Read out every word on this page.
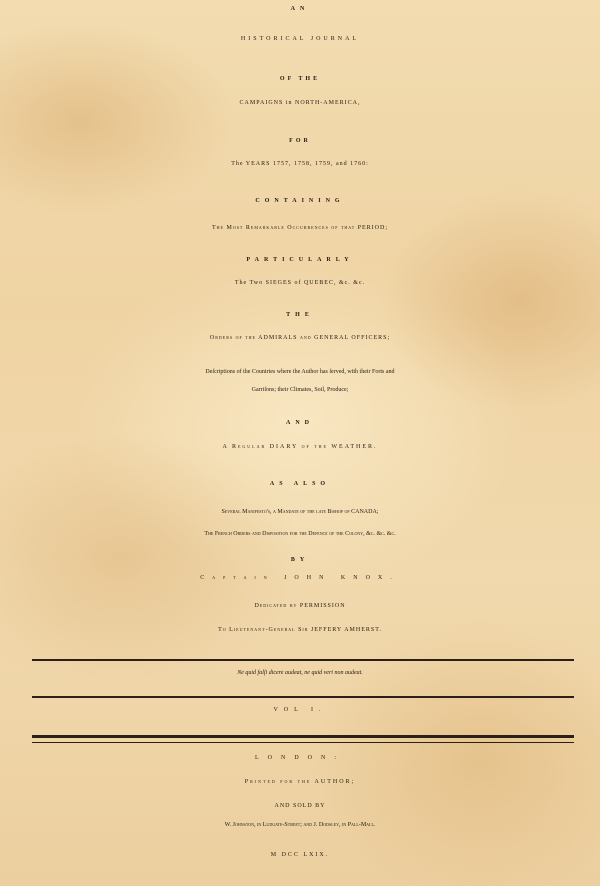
AN
HISTORICAL JOURNAL
OF THE
CAMPAIGNS in NORTH-AMERICA,
FOR
The YEARS 1757, 1758, 1759, and 1760:
CONTAINING
The Moſt Remarkable Occurrences of that PERIOD;
PARTICULARLY
The Two SIEGES of QUEBEC, &c. &c.
THE
Orders of the ADMIRALS and GENERAL OFFICERS;
Deſcriptions of the Countries where the Author has ſerved, with their Forts and
Garriſons; their Climates, Soil, Produce;
AND
A Regular DIARY of the WEATHER.
AS ALSO
Several Manifesto's, a Mandate of the late Bishop of CANADA;
The French Orders and Disposition for the Defence of the Colony, &c. &c. &c.
BY
Captain JOHN KNOX.
Dedicated by PERMISSION
To Lieutenant-General Sir JEFFERY AMHERST.
Ne quid falſi dicere audeat, ne quid veri non audeat.
VOL I.
LONDON:
Printed for the AUTHOR;
AND SOLD BY
W. Johnston, in Ludgate-Street; and J. Dodsley, in Pall-Mall.
M DCC LXIX.
